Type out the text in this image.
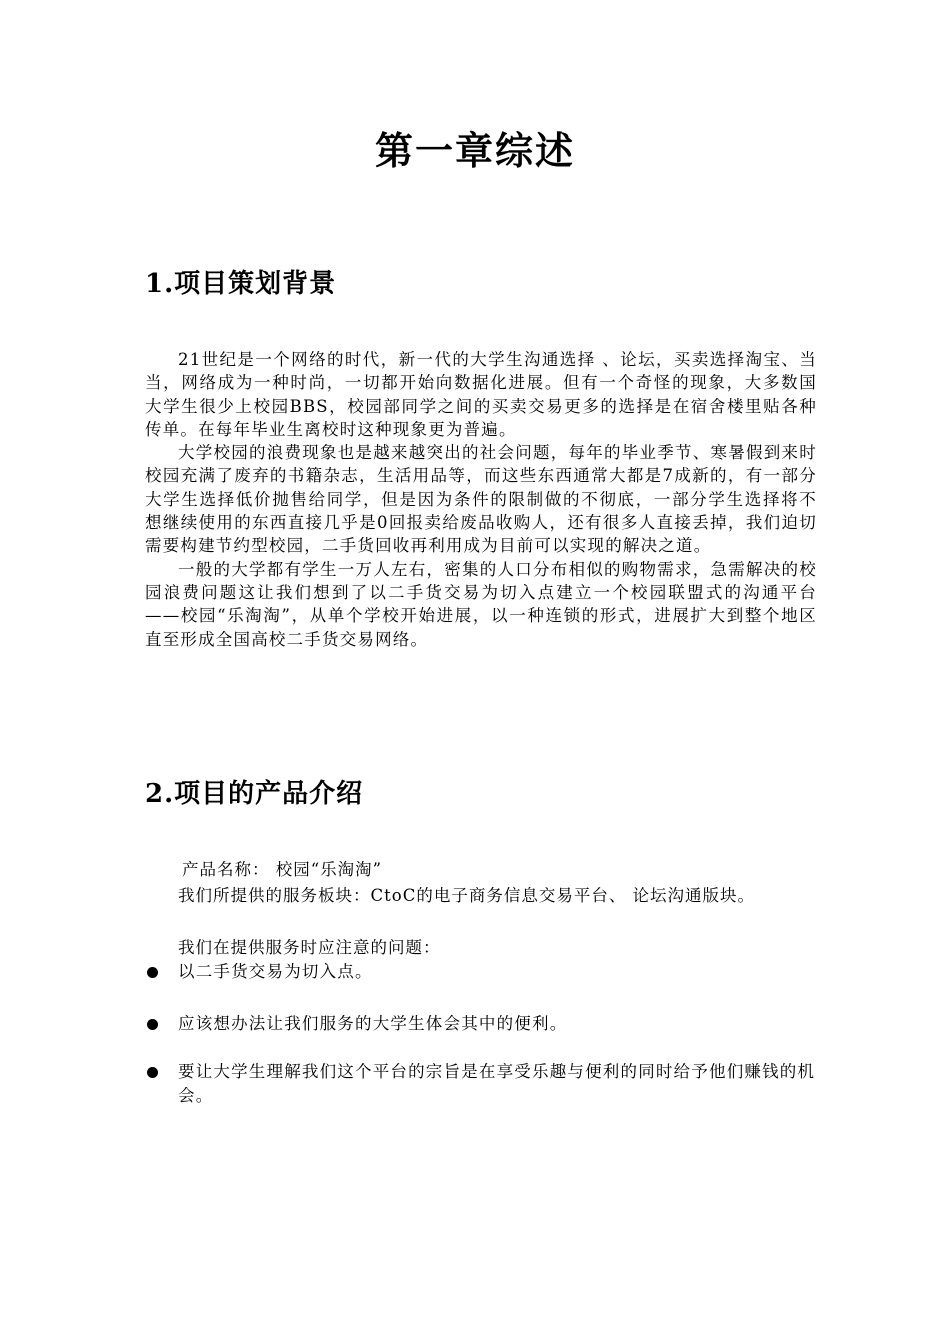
第一章综述
1.项目策划背景

21世纪是一个网络的时代，新一代的大学生沟通选择 、论坛，买卖选择淘宝、当当，网络成为一种时尚，一切都开始向数据化进展。但有一个奇怪的现象，大多数国大学生很少上校园BBS，校园部同学之间的买卖交易更多的选择是在宿舍楼里贴各种传单。在每年毕业生离校时这种现象更为普遍。

大学校园的浪费现象也是越来越突出的社会问题，每年的毕业季节、寒暑假到来时校园充满了废弃的书籍杂志，生活用品等，而这些东西通常大都是7成新的，有一部分大学生选择低价抛售给同学，但是因为条件的限制做的不彻底，一部分学生选择将不想继续使用的东西直接几乎是0回报卖给废品收购人，还有很多人直接丢掉，我们迫切需要构建节约型校园，二手货回收再利用成为目前可以实现的解决之道。

一般的大学都有学生一万人左右，密集的人口分布相似的购物需求，急需解决的校园浪费问题这让我们想到了以二手货交易为切入点建立一个校园联盟式的沟通平台——校园“乐淘淘”，从单个学校开始进展，以一种连锁的形式，进展扩大到整个地区直至形成全国高校二手货交易网络。

2.项目的产品介绍
产品名称： 校园“乐淘淘”
我们所提供的服务板块：CtoC的电子商务信息交易平台、 论坛沟通版块。
我们在提供服务时应注意的问题：
以二手货交易为切入点。
应该想办法让我们服务的大学生体会其中的便利。
要让大学生理解我们这个平台的宗旨是在享受乐趣与便利的同时给予他们赚钱的机会。
